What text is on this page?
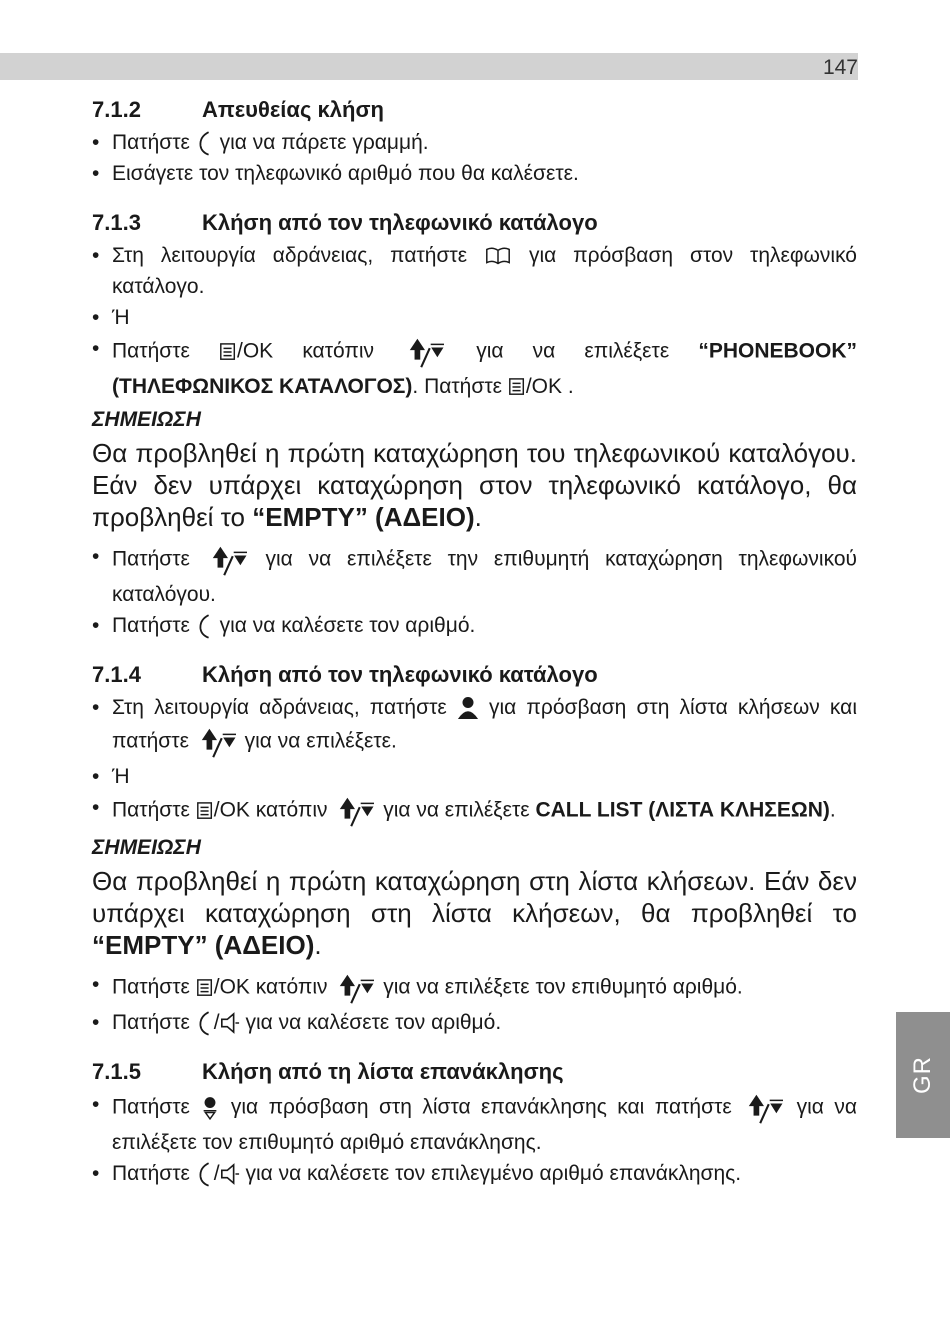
147
GR
7.1.2	Απευθείας κλήση
• Πατήστε για να πάρετε γραμμή.
• Εισάγετε τον τηλεφωνικό αριθμό που θα καλέσετε.
7.1.3	Κλήση από τον τηλεφωνικό κατάλογο
• Στη λειτουργία αδράνειας, πατήστε	για πρόσβαση στον τηλεφωνικό κατάλογο.
• Ή
• Πατήστε /OK κατόπιν	για να επιλέξετε “PHONEBOOK” (ΤΗΛΕΦΩΝΙΚΟΣ ΚΑΤΑΛΟΓΟΣ). Πατήστε /OK .
ΣΗΜΕΙΩΣΗ
Θα προβληθεί η πρώτη καταχώρηση του τηλεφωνικού καταλόγου. Εάν δεν υπάρχει καταχώρηση στον τηλεφωνικό κατάλογο, θα προβληθεί το “EMPTY” (ΑΔΕΙΟ).
• Πατήστε	για να επιλέξετε την επιθυμητή καταχώρηση τηλεφωνικού καταλόγου.
• Πατήστε για να καλέσετε τον αριθμό.
7.1.4	Κλήση από τον τηλεφωνικό κατάλογο
• Στη λειτουργία αδράνειας, πατήστε για πρόσβαση στη λίστα κλήσεων και πατήστε	για να επιλέξετε.
• Ή
• Πατήστε /OK κατόπιν	για να επιλέξετε CALL LIST (ΛΙΣΤΑ ΚΛΗΣΕΩΝ).
ΣΗΜΕΙΩΣΗ
Θα προβληθεί η πρώτη καταχώρηση στη λίστα κλήσεων. Εάν δεν υπάρχει καταχώρηση στη λίστα κλήσεων, θα προβληθεί το “EMPTY” (ΑΔΕΙΟ).
• Πατήστε /OK κατόπιν	για να επιλέξετε τον επιθυμητό αριθμό.
• Πατήστε / για να καλέσετε τον αριθμό.
7.1.5	Κλήση από τη λίστα επανάκλησης
• Πατήστε για πρόσβαση στη λίστα επανάκλησης και πατήστε	για να επιλέξετε τον επιθυμητό αριθμό επανάκλησης.
• Πατήστε / για να καλέσετε τον επιλεγμένο αριθμό επανάκλησης.
